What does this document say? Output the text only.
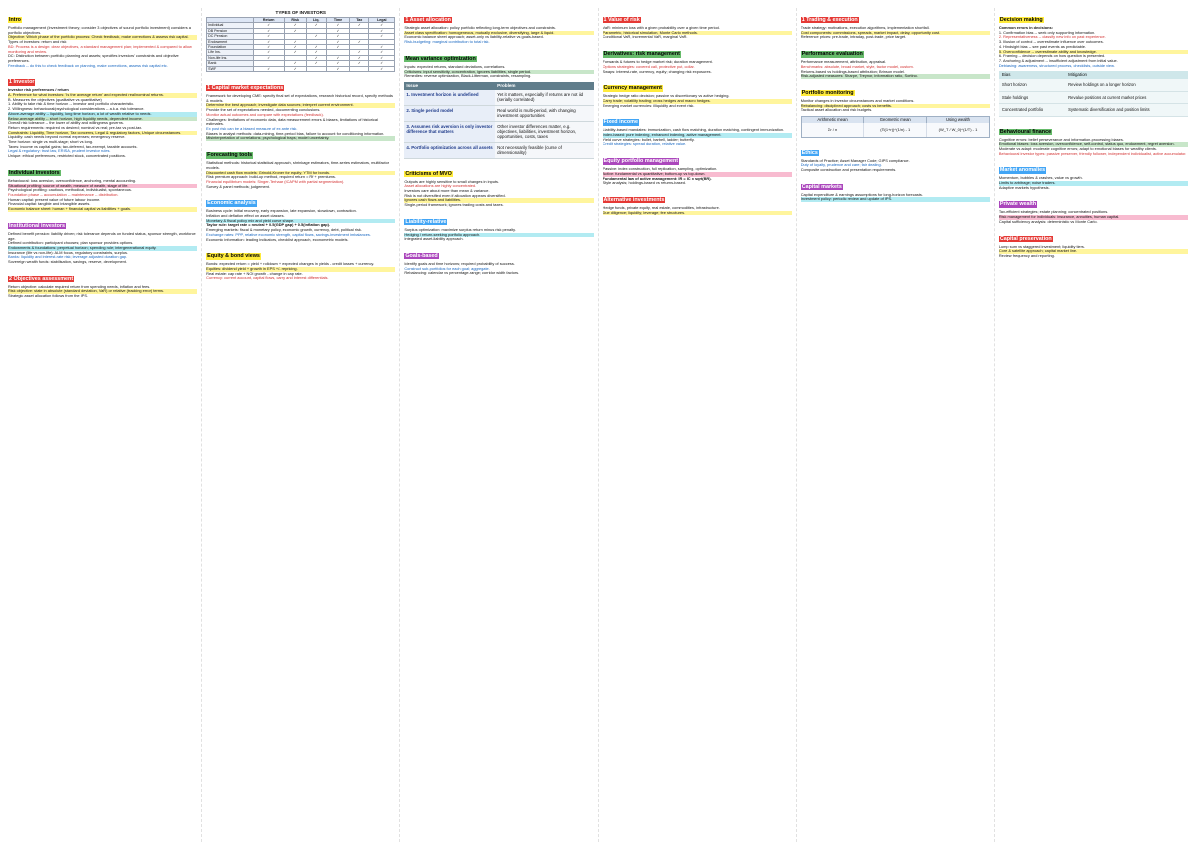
Intro

Portfolio management (Investment theory; consider 3 objectives of sound portfolio investment) considers a portfolio objectives.

Objective: Which phase of the portfolio process: Check feedback, make corrections & assess risk capital.

Types of investors: return and risk

BD: Process is a design: clear objectives, a standard management plan; implemented & compared to allow monitoring and review.

DC: Distinction between portfolio planning and assets; specifies investors' constraints and objective preferences.

Feedback -- do this to check feedback on planning, make corrections, assess risk capital etc.

1 Investor

Investor risk preferences / return

A. Preference for what investors: 'Is the average return' and expected real/nominal returns.

B. Measures the objectives (qualitative vs quantitative)

1. Ability to take risk & time horizon -- investor and portfolio characteristic.

2. Willingness: behavioural/psychological considerations -- a.k.a. risk tolerance.

Above-average ability -- liquidity, long time horizon, a lot of wealth relative to needs.

Below-average ability -- short horizon, high liquidity needs, dependent income.

Overall risk tolerance -- the lower of ability and willingness governs.

Return requirements: required vs desired; nominal vs real; pre-tax vs post-tax.

Constraints: Liquidity, Time horizon, Tax concerns, Legal & regulatory factors, Unique circumstances.

Liquidity: cash needs beyond normal expenses; emergency reserve.

Time horizon: single vs multi-stage; short vs long.

Taxes: income vs capital gains; tax-deferred, tax-exempt, taxable accounts.

Legal & regulatory: trust law, ERISA, prudent investor rules.

Unique: ethical preferences, restricted stock, concentrated positions.

Individual investors

Behavioural: loss aversion, overconfidence, anchoring, mental accounting.

Situational profiling: source of wealth, measure of wealth, stage of life.

Psychological profiling: cautious, methodical, individualist, spontaneous.

Foundation phase -- accumulation -- maintenance -- distribution.

Human capital: present value of future labour income.

Financial capital: tangible and intangible assets.

Economic balance sheet: human + financial capital vs liabilities + goals.

Institutional investors

Defined benefit pension: liability driven; risk tolerance depends on funded status, sponsor strength, workforce age.

Defined contribution: participant chooses; plan sponsor provides options.

Endowments & foundations: perpetual horizon; spending rule; intergenerational equity.

Insurance (life vs non-life): ALM focus, regulatory constraints, surplus.

Banks: liquidity and interest-rate risk; leverage adjusted duration gap.

Sovereign wealth funds: stabilisation, savings, reserve, development.

2 Objectives assessment

Return objective: calculate required return from spending needs, inflation and fees.

Risk objective: state in absolute (standard deviation, VaR) or relative (tracking error) terms.

Strategic asset allocation follows from the IPS.

TYPES OF INVESTORS
	Return	Risk	Liq.	Time	Tax	Legal
Individual	✓	✓	✓	✓	✓	✓
DB Pension	✓	✓		✓		✓
DC Pension	✓		✓	✓		✓
Endowment	✓	✓		✓	✓	
Foundation	✓	✓	✓	✓		✓
Life Ins.	✓	✓	✓		✓	✓
Non-life Ins.	✓		✓	✓	✓	✓
Bank		✓	✓	✓	✓	✓
SWF	✓	✓		✓		✓
1 Capital market expectations

Framework for developing CME: specify final set of expectations, research historical record, specify methods & models.

Determine the best approach; investigate data sources; interpret current environment.

Provide the set of expectations needed, documenting conclusions.

Monitor actual outcomes and compare with expectations (feedback).

Challenges: limitations of economic data, data measurement errors & biases, limitations of historical estimates.

Ex post risk can be a biased measure of ex ante risk.

Biases in analyst methods: data-mining, time-period bias, failure to account for conditioning information.

Misinterpretation of correlations; psychological traps; model uncertainty.

Forecasting tools

Statistical methods: historical statistical approach, shrinkage estimators, time-series estimators, multifactor models.

Discounted cash flow models: Grinold-Kroner for equity; YTM for bonds.

Risk premium approach: build-up method, required return = Rf + premiums.

Financial equilibrium models: Singer-Terhaar (ICAPM with partial segmentation).

Survey & panel methods; judgement.

Economic analysis

Business cycle: initial recovery, early expansion, late expansion, slowdown, contraction.

Inflation and deflation effect on asset classes.

Monetary & fiscal policy mix and yield curve shape.

Taylor rule: target rate = neutral + 0.5(GDP gap) + 0.5(inflation gap).

Emerging markets: fiscal & monetary policy, economic growth, currency, debt, political risk.

Exchange rates: PPP, relative economic strength, capital flows, savings-investment imbalances.

Economic information: leading indicators, checklist approach, econometric models.

Equity & bond views

Bonds: expected return = yield + rolldown + expected changes in yields - credit losses + currency.

Equities: dividend yield + growth in EPS +/- repricing.

Real estate: cap rate + NOI growth - change in cap rate.

Currency: current account, capital flows, carry and interest differentials.

1 Asset allocation

Strategic asset allocation: policy portfolio reflecting long-term objectives and constraints.

Asset class specification: homogeneous, mutually exclusive, diversifying, large & liquid.

Economic balance sheet approach; asset-only vs liability-relative vs goals-based.

Risk-budgeting: marginal contribution to total risk.

Mean variance optimization

Inputs: expected returns, standard deviations, correlations.

Criticisms: input sensitivity, concentration, ignores liabilities, single period.

Remedies: reverse optimization, Black-Litterman, constraints, resampling.

Issue	Problem
1. Investment horizon is undefined	Yet it matters, especially if returns are not iid (serially correlated)
2. Single period model	Real world is multi-period, with changing investment opportunities
3. Assumes risk aversion is only investor difference that matters	Other investor differences matter, e.g. objectives, liabilities, investment horizon, opportunities, costs, taxes
4. Portfolio optimization across all assets	Not necessarily feasible (curse of dimensionality)
Criticisms of MVO

Outputs are highly sensitive to small changes in inputs.

Asset allocations are highly concentrated.

Investors care about more than mean & variance.

Risk is not diversified even if allocation appears diversified.

Ignores cash flows and liabilities.

Single-period framework; ignores trading costs and taxes.

Liability-relative

Surplus optimization: maximize surplus return minus risk penalty.

Hedging / return-seeking portfolio approach.

Integrated asset-liability approach.

Goals-based

Identify goals and time horizons; required probability of success.

Construct sub-portfolios for each goal; aggregate.

Rebalancing: calendar vs percentage-range; corridor width factors.

1 Value of risk

VaR: minimum loss with a given probability over a given time period.

Parametric, historical simulation, Monte Carlo methods.

Conditional VaR, incremental VaR, marginal VaR.

Derivatives: risk management

Forwards & futures to hedge market risk; duration management.

Options strategies: covered call, protective put, collar.

Swaps: interest-rate, currency, equity; changing risk exposures.

Currency management

Strategic hedge ratio decision; passive vs discretionary vs active hedging.

Carry trade; volatility trading; cross hedges and macro hedges.

Emerging market currencies: illiquidity and event risk.

Fixed income

Liability-based mandates: immunization, cash flow matching, duration matching, contingent immunization.

Index-based: pure indexing, enhanced indexing, active management.

Yield curve strategies: bullet, barbell, ladder; butterfly.

Credit strategies: spread duration, relative value.

Equity portfolio management

Passive: index construction, full replication, sampling, optimization.

Active: fundamental vs quantitative; bottom-up vs top-down.

Fundamental law of active management: IR = IC x sqrt(BR).

Style analysis; holdings-based vs returns-based.

Alternative investments

Hedge funds, private equity, real estate, commodities, infrastructure.

Due diligence; liquidity; leverage; fee structures.

1 Trading & execution

Trade strategy: motivations, execution algorithms, implementation shortfall.

Cost components: commissions, spreads, market impact, delay, opportunity cost.

Reference prices: pre-trade, intraday, post-trade, price target.

Performance evaluation

Performance measurement, attribution, appraisal.

Benchmarks: absolute, broad market, style, factor model, custom.

Returns-based vs holdings-based attribution; Brinson model.

Risk-adjusted measures: Sharpe, Treynor, information ratio, Sortino.

Portfolio monitoring

Monitor changes in investor circumstances and market conditions.

Rebalancing: disciplined approach; costs vs benefits.

Tactical asset allocation and risk budgets.

Arithmetic mean	Geometric mean	Using wealth
Σr / n	(Π(1+r))^(1/n) - 1	(W_T / W_0)^(1/T) - 1
Ethics

Standards of Practice; Asset Manager Code; GIPS compliance.

Duty of loyalty, prudence and care; fair dealing.

Composite construction and presentation requirements.

Capital markets

Capital expenditure & earnings assumptions for long-horizon forecasts.

Investment policy: periodic review and update of IPS.

Decision making

Common errors in decisions:

1. Confirmation bias -- seek only supporting information.

2. Representativeness -- classify new info on past experience.

3. Illusion of control -- overestimate influence over outcomes.

4. Hindsight bias -- see past events as predictable.

5. Overconfidence -- overestimate ability and knowledge.

6. Framing -- decision depends on how question is presented.

7. Anchoring & adjustment -- insufficient adjustment from initial value.

Debiasing: awareness, structured process, checklists, outside view.

Bias	Mitigation
Short horizon	Review holdings on a longer horizon
Stale holdings	Revalue positions at current market prices
Concentrated portfolio	Systematic diversification and position limits
Behavioural finance

Cognitive errors: belief perseverance and information-processing biases.

Emotional biases: loss aversion, overconfidence, self-control, status quo, endowment, regret aversion.

Moderate vs adapt: moderate cognitive errors; adapt to emotional biases for wealthy clients.

Behavioural investor types: passive preserver, friendly follower, independent individualist, active accumulator.

Market anomalies

Momentum, bubbles & crashes, value vs growth.

Limits to arbitrage; noise traders.

Adaptive markets hypothesis.

Private wealth

Tax-efficient strategies; estate planning; concentrated positions.

Risk management for individuals: insurance, annuities, human capital.

Capital sufficiency analysis: deterministic vs Monte Carlo.

Capital preservation

Lump sum vs staggered investment; liquidity tiers.

Core & satellite approach; capital market line.

Review frequency and reporting.
